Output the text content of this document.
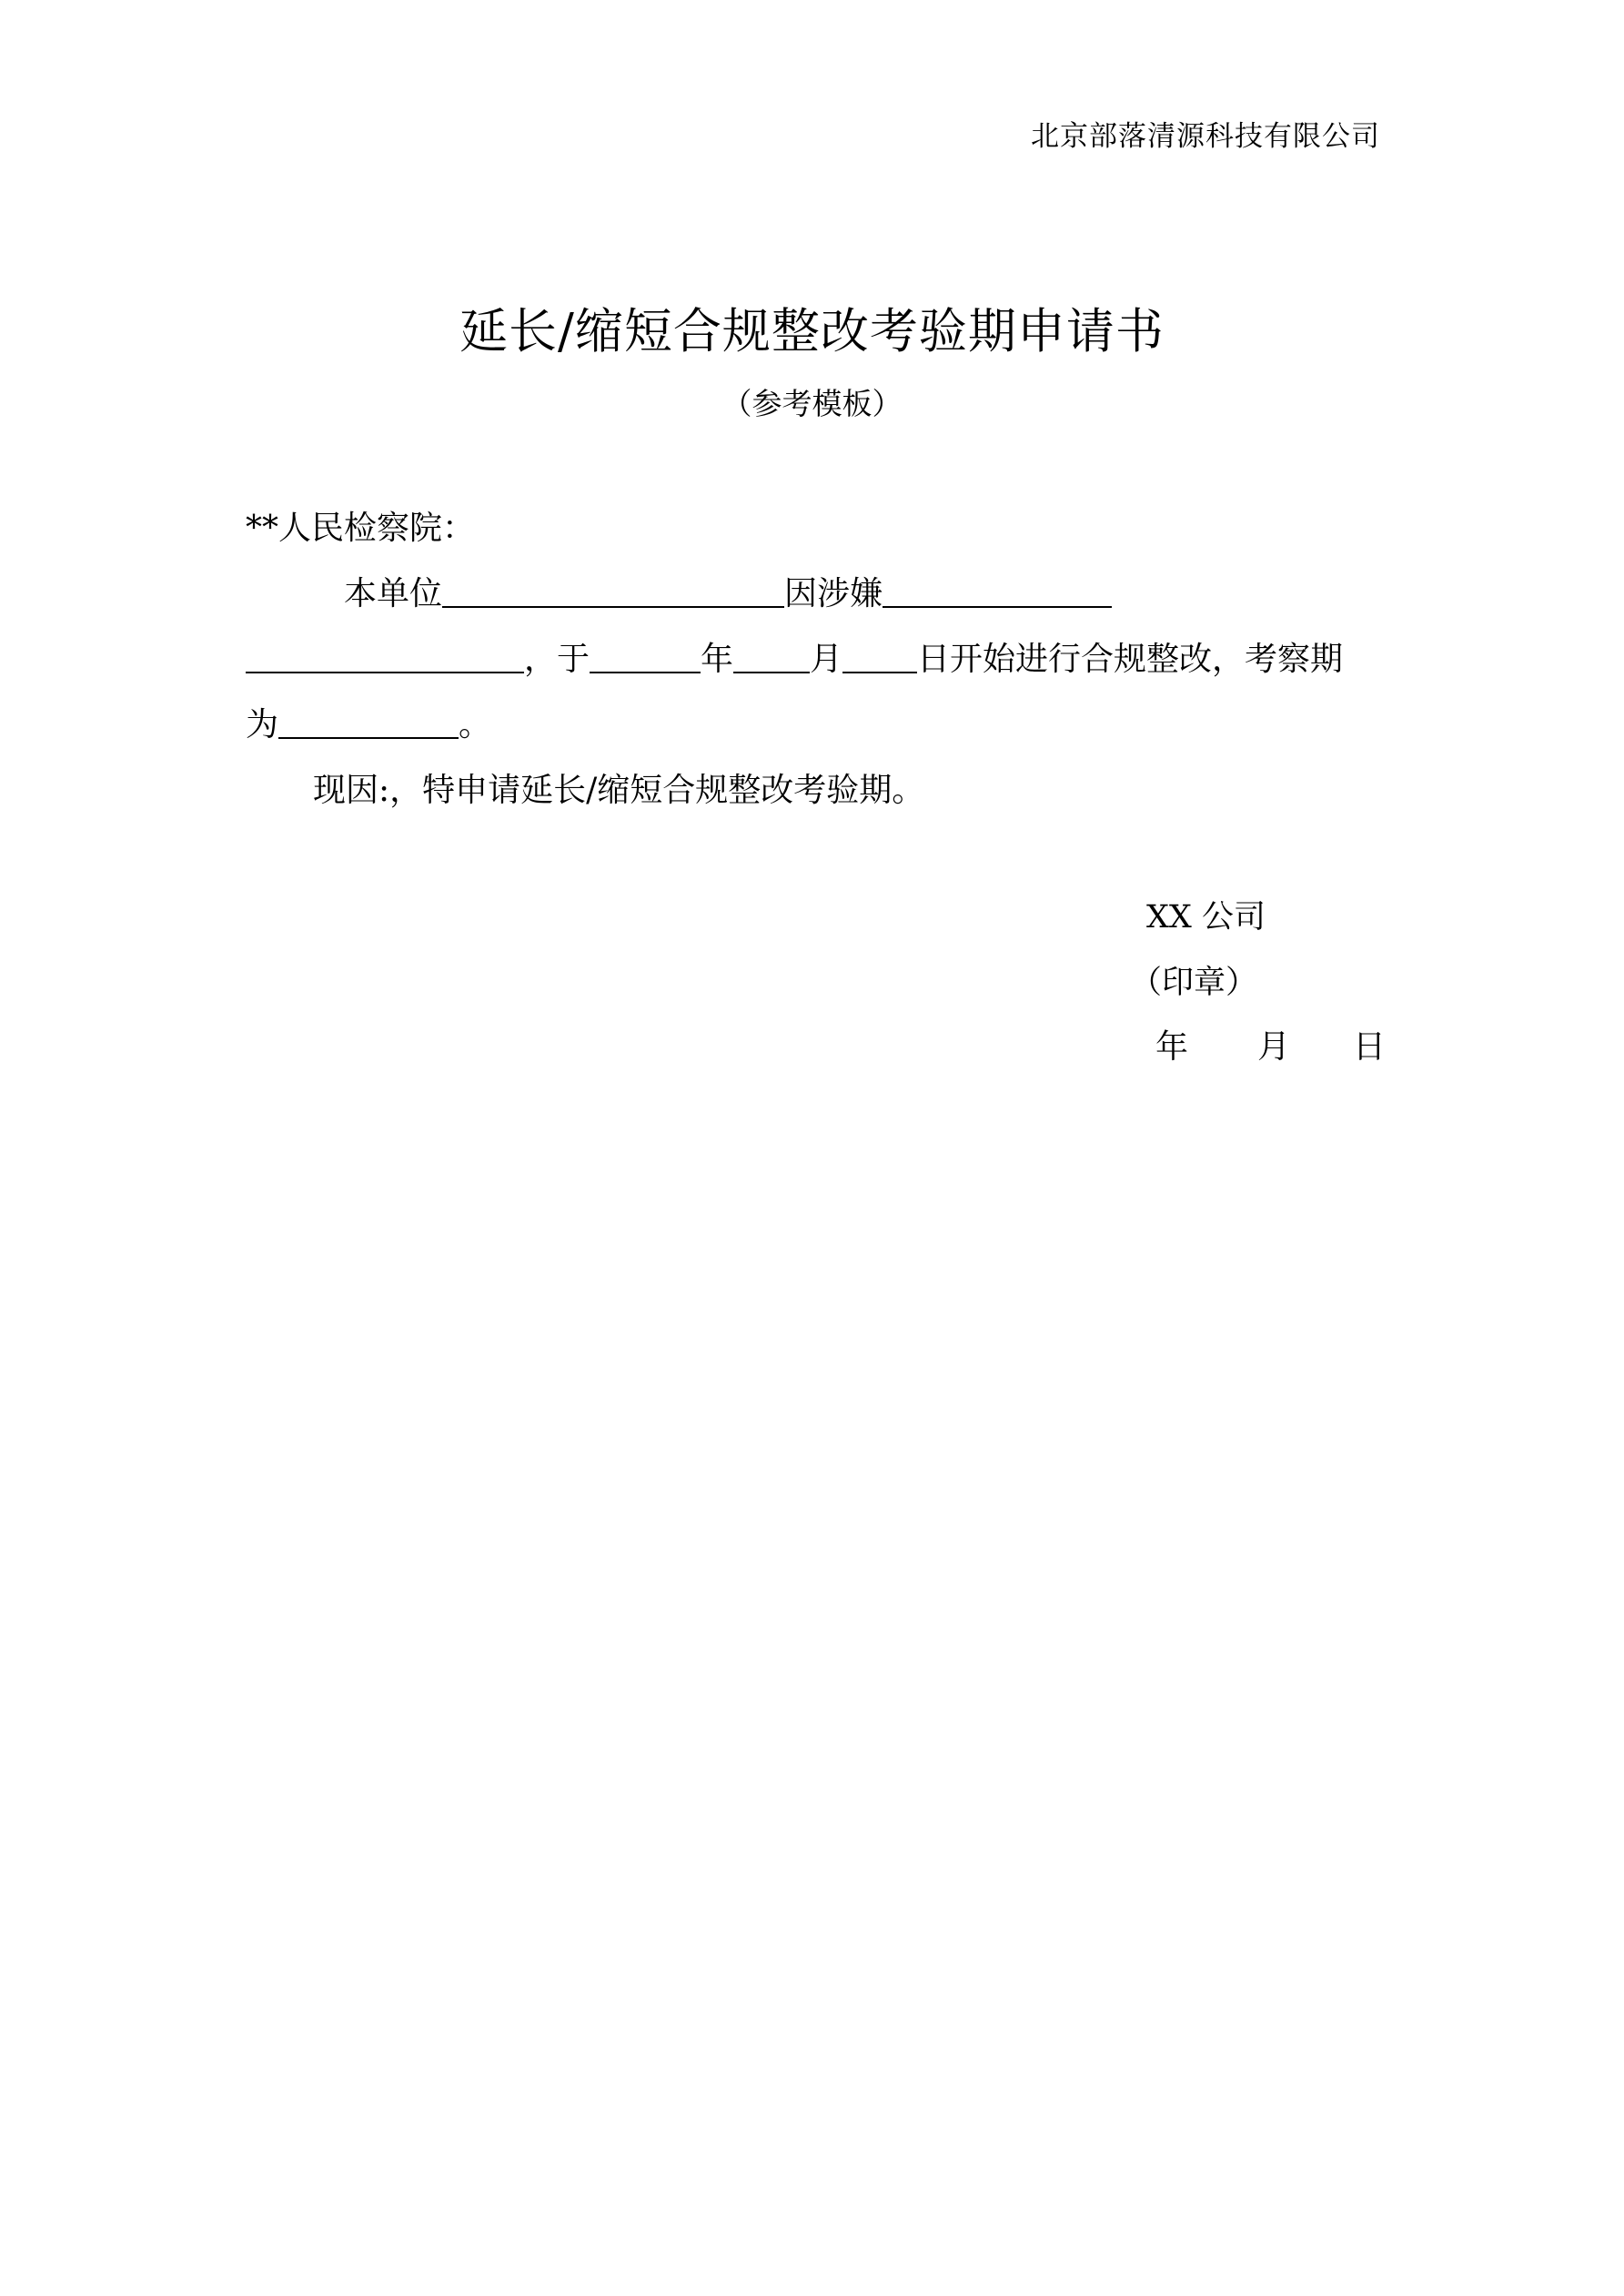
北京部落清源科技有限公司
延长/缩短合规整改考验期申请书
（参考模板）
**人民检察院：
本单位	因涉嫌
，于	年 月 日开始进行合规整改，考察期
为	。
现因:，特申请延长/缩短合规整改考验期。
XX 公司
（印章）
年 月 日
